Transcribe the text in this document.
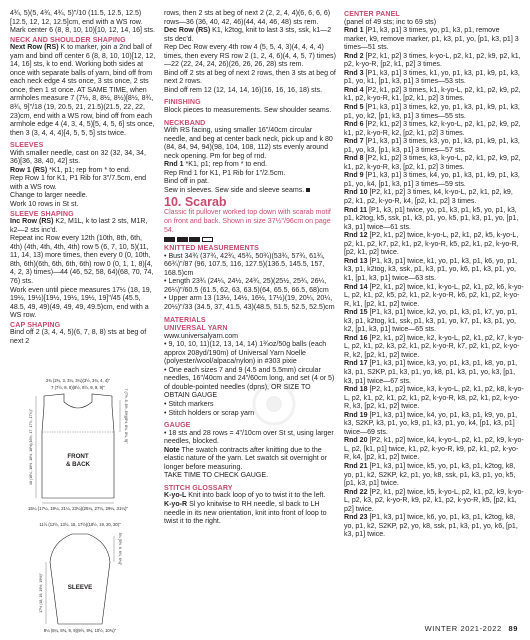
4¾, 5)(5, 4¾, 4¾, 5)"/10 (11.5, 12.5, 12.5)[12.5, 12, 12, 12.5]cm, end with a WS row. Mark center 6 (8, 8, 10, 10)[10, 12, 14, 16] sts.

NECK AND SHOULDER SHAPING

Next Row (RS) K to marker, join a 2nd ball of yarn and bind off center 6 (8, 8, 10, 10)[12, 12, 14, 16] sts, k to end. Working both sides at once with separate balls of yarn, bind off from each neck edge 4 sts once, 3 sts once, 2 sts once, then 1 st once. AT SAME TIME, when armholes measure 7 (7½, 8, 8½, 8½)[8½, 8¾, 8¾, 9]"/18 (19, 20.5, 21, 21.5)(21.5, 22, 22, 23)cm, end with a WS row, bind off from each armhole edge 4 (4, 3, 4, 5)[5, 4, 5, 6] sts once, then 3 (3, 4, 4, 4)[4, 5, 5, 5] sts twice.

SLEEVES

With smaller needle, cast on 32 (32, 34, 34, 36)[36, 38, 40, 42] sts.

Row 1 (RS) *K1, p1; rep from * to end.

Rep Row 1 for K1, P1 Rib for 3"/7.5cm, end with a WS row.

Change to larger needle.

Work 10 rows in St st.

SLEEVE SHAPING

Inc Row (RS) K2, M1L, k to last 2 sts, M1R, k2—2 sts inc'd.

Repeat inc Row every 12th (10th, 8th, 6th, 4th) (4th, 4th, 4th, 4th) row 5 (6, 7, 10, 5)(11, 11, 14, 13) more times, then every 0 (0, 10th, 8th, 6th)(6th, 6th, 6th, 6th) row 0 (0, 1, 1, 8)[4, 4, 2, 3) times)—44 (46, 52, 58, 64)(68, 70, 74, 76) sts.

Work even until piece measures 17½ (18, 19, 19½, 19½)[19½, 19½, 19½, 19]"/45 (45.5, 48.5, 49, 49)(49, 49, 49, 49.5)cm, end with a WS row.

CAP SHAPING

Bind off 2 (3, 4, 4, 5)(6, 7, 8, 8) sts at beg of next 2

2¾ (2¾, 3, 3¼, 3¼)(3½, 3¾, 4, 4)"
7 (7½, 8, 8)(8½, 8½, 9, 9, 9)"
FRONT
& BACK
16 (16¼, 16½, 16½, 16½)(16¾, 17, 17¼, 17¾)"	7 (7½, 8, 8½, 8½)(8½, 8¾, 8¾, 9)"
15¼ (17¼, 19¼, 21¼, 23¼)(25¼, 27¼, 29¼, 31¼)"
11½ (12½, 13½, 15, 17½)(18½, 19, 20, 20)"
SLEEVE
17½ (18, 19, 19½, 19½)"
5¼ (5½, 6, 6¼, 6¾)"
8¼ (8¼, 8¾, 9, 9)(9½, 9¾, 10½, 10¾)"

rows, then 2 sts at beg of next 2 (2, 2, 4, 4)(6, 6, 6, 6) rows—36 (36, 40, 42, 46)(44, 44, 46, 48) sts rem.

Dec Row (RS) K1, k2tog, knit to last 3 sts, ssk, k1—2 sts dec'd.

Rep Dec Row every 4th row 4 (5, 5, 4, 3)(4, 4, 4, 4) times, then every RS row 2 (1, 2, 4, 6)(4, 4, 5, 7) times)—22 (22, 24, 24, 26)(26, 26, 26, 28) sts rem.

Bind off 2 sts at beg of next 2 rows, then 3 sts at beg of next 2 rows.

Bind off rem 12 (12, 14, 14, 16)(16, 16, 16, 18) sts.

FINISHING

Block pieces to measurements. Sew shoulder seams.

NECKBAND

With RS facing, using smaller 16"/40cm circular needle, and beg at center back neck, pick up and k 80 (84, 84, 94, 94)(98, 104, 108, 112) sts evenly around neck opening. Pm for beg of rnd.

Rnd 1 *K1, p1; rep from * to end.

Rep Rnd 1 for K1, P1 Rib for 1"/2.5cm.

Bind off in pat.

Sew in sleeves. Sew side and sleeve seams.

10. Scarab

Classic fit pullover worked top down with scarab motif on front and back. Shown in size 37½"/96cm on page 54.

KNITTED MEASUREMENTS

• Bust 34¾ (37¾, 42¾, 45¾, 50¾)(53¾, 57¾, 61¾, 66¾)"/87 (96, 107.5, 116, 127.5)(136.5, 145.5, 157, 168.5)cm

• Length 23¾ (24¼, 24½, 24¾, 25)(25½, 25¾, 26¼, 26¼)"/60.5 (61.5, 62, 63, 63.5)(64, 65.5, 66.5, 68)cm

• Upper arm 13 (13½, 14½, 16½, 17½)(19, 20¼, 20¼, 20½)"/33 (34.5, 37, 41.5, 43)(48.5, 51.5, 52.5, 52.5)cm

MATERIALS

UNIVERSAL YARN

www.universalyarn.com

• 9, 10, 10, 11)(12, 13, 14, 14) 1¾oz/50g balls (each approx 208yd/190m) of Universal Yarn Noelle (polyester/wool/alpaca/nylon) in #303 pixie

• One each sizes 7 and 9 (4.5 and 5.5mm) circular needles, 16"/40cm and 24"/60cm long, and set (4 or 5) of double-pointed needles (dpns), OR SIZE TO OBTAIN GAUGE

• Stitch markers

• Stitch holders or scrap yarn

GAUGE

• 18 sts and 28 rows = 4"/10cm over St st, using larger needles, blocked.

Note The swatch contracts after knitting due to the elastic nature of the yarn. Let swatch sit overnight or longer before measuring.

TAKE TIME TO CHECK GAUGE.

STITCH GLOSSARY

K-yo-L Knit into back loop of yo to twist it to the left.

K-yo-R Sl yo knitwise to RH needle, sl back to LH needle in its new orientation, knit into front of loop to twist it to the right.

CENTER PANEL

(panel of 49 sts; inc to 69 sts)

Rnd 1 [P1, k3, p1] 3 times, yo, p1, k3, p1, remove marker, k9, remove marker, p1, k3, p1, yo, [p1, k3, p1] 3 times—51 sts.

Rnd 2 [P2, k1, p2] 3 times, k-yo-L, p2, k1, p2, k9, p2, k1, p2, k-yo-R, [p2, k1, p2] 3 times.

Rnd 3 [P1, k3, p1] 3 times, k1, yo, p1, k3, p1, k9, p1, k3, p1, yo, k1, [p1, k3, p1] 3 times—53 sts.

Rnd 4 [P2, k1, p2] 3 times, k1, k-yo-L, p2, k1, p2, k9, p2, k1, p2, k-yo-R, k1, [p2, k1, p2] 3 times.

Rnd 5 [P1, k3, p1] 3 times, k2, yo, p1, k3, p1, k9, p1, k3, p1, yo, k2, [p1, k3, p1] 3 times—55 sts.

Rnd 6 [P2, k1, p2] 3 times, k2, k-yo-L, p2, k1, p2, k9, p2, k1, p2, k-yo-R, k2, [p2, k1, p2] 3 times.

Rnd 7 [P1, k3, p1] 3 times, k3, yo, p1, k3, p1, k9, p1, k3, p1, yo, k3, [p1, k3, p1] 3 times—57 sts.

Rnd 8 [P2, k1, p2] 3 times, k3, k-yo-L, p2, k1, p2, k9, p2, k1, p2, k-yo-R, k3, [p2, k1, p2] 3 times.

Rnd 9 [P1, k3, p1] 3 times, k4, yo, p1, k3, p1, k9, p1, k3, p1, yo, k4, [p1, k3, p1] 3 times—59 sts.

Rnd 10 [P2, k1, p2] 3 times, k4, k-yo-L, p2, k1, p2, k9, p2, k1, p2, k-yo-R, k4, [p2, k1, p2] 3 times.

Rnd 11 [P1, k3, p1] twice, yo, p1, k3, p1, k5, yo, p1, k3, p1, k2tog, k5, ssk, p1, k3, p1, yo, k5, p1, k3, p1, yo, [p1, k3, p1] twice—61 sts.

Rnd 12 [P2, k1, p2] twice, k-yo-L, p2, k1, p2, k5, k-yo-L, p2, k1, p2, k7, p2, k1, p2, k-yo-R, k5, p2, k1, p2, k-yo-R, [p2, k1, p2] twice.

Rnd 13 [P1, k3, p1] twice, k1, yo, p1, k3, p1, k6, yo, p1, k3, p1, k2tog, k3, ssk, p1, k3, p1, yo, k6, p1, k3, p1, yo, k1, [p1, k3, p1] twice—63 sts.

Rnd 14 [P2, k1, p2] twice, k1, k-yo-L, p2, k1, p2, k6, k-yo-L, p2, k1, p2, k5, p2, k1, p2, k-yo-R, k6, p2, k1, p2, k-yo-R, k1, [p2, k1, p2] twice.

Rnd 15 [P1, k3, p1] twice, k2, yo, p1, k3, p1, k7, yo, p1, k3, p1, k2tog, k1, ssk, p1, k3, p1, yo, k7, p1, k3, p1, yo, k2, [p1, k3, p1] twice—65 sts.

Rnd 16 [P2, k1, p2] twice, k2, k-yo-L, p2, k1, p2, k7, k-yo-L, p2, k1, p2, k3, p2, k1, p2, k-yo-R, k7, p2, k1, p2, k-yo-R, k2, [p2, k1, p2] twice.

Rnd 17 [P1, k3, p1] twice, k3, yo, p1, k3, p1, k8, yo, p1, k3, p1, S2KP, p1, k3, p1, yo, k8, p1, k3, p1, yo, k3, [p1, k3, p1] twice—67 sts.

Rnd 18 [P2, k1, p2] twice, k3, k-yo-L, p2, k1, p2, k8, k-yo-L, p2, k1, p2, k1, p2, k1, p2, k-yo-R, k8, p2, k1, p2, k-yo-R, k3, [p2, k1, p2] twice.

Rnd 19 [P1, k3, p1] twice, k4, yo, p1, k3, p1, k9, yo, p1, k3, S2KP, k3, p1, yo, k9, p1, k3, p1, yo, k4, [p1, k3, p1] twice—69 sts.

Rnd 20 [P2, k1, p2] twice, k4, k-yo-L, p2, k1, p2, k9, k-yo-L, p2, [k1, p1] twice, k1, p2, k-yo-R, k9, p2, k1, p2, k-yo-R, k4, [p2, k1, p2] twice.

Rnd 21 [P1, k3, p1] twice, k5, yo, p1, k3, p1, k2tog, k8, yo, p1, k2, S2KP, k2, p1, yo, k8, ssk, p1, k3, p1, yo, k5, [p1, k3, p1] twice.

Rnd 22 [P2, k1, p2] twice, k5, k-yo-L, p2, k1, p2, k9, k-yo-L, p2, k3, p2, k-yo-R, k9, p2, k1, p2, k-yo-R, k5, [p2, k1, p2] twice.

Rnd 23 [P1, k3, p1] twice, k6, yo, p1, k3, p1, k2tog, k8, yo, p1, k2, S2KP, p2, yo, k8, ssk, p1, k3, p1, yo, k6, [p1, k3, p1] twice.

WINTER 2021-2022 89
